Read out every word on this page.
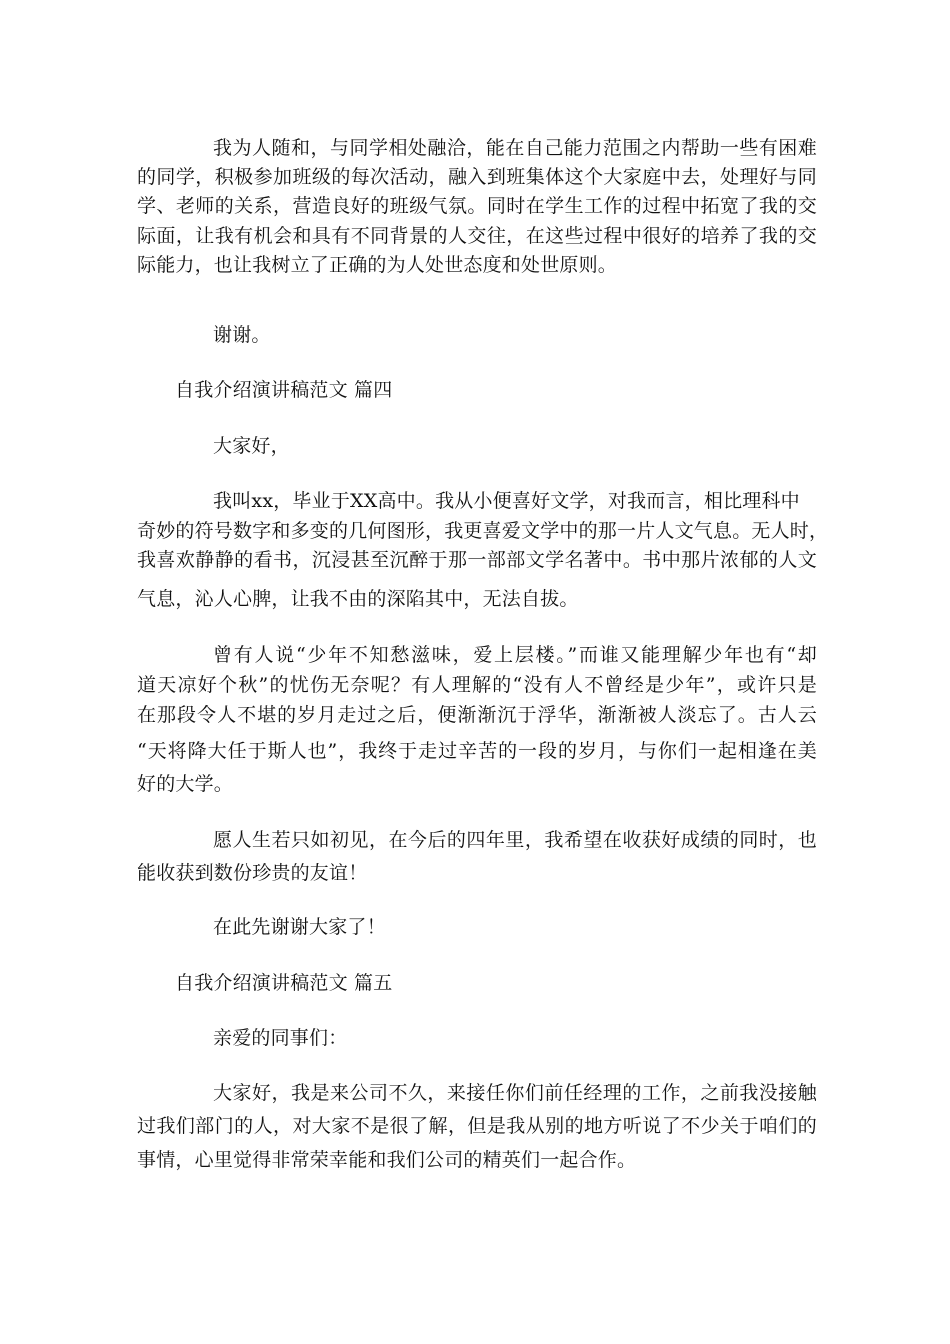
我为人随和，与同学相处融洽，能在自己能力范围之内帮助一些有困难
的同学，积极参加班级的每次活动，融入到班集体这个大家庭中去，处理好与同
学、老师的关系，营造良好的班级气氛。同时在学生工作的过程中拓宽了我的交
际面，让我有机会和具有不同背景的人交往，在这些过程中很好的培养了我的交
际能力，也让我树立了正确的为人处世态度和处世原则。
谢谢。
自我介绍演讲稿范文 篇四
大家好，
我叫xx，毕业于XX高中。我从小便喜好文学，对我而言，相比理科中
奇妙的符号数字和多变的几何图形，我更喜爱文学中的那一片人文气息。无人时，
我喜欢静静的看书，沉浸甚至沉醉于那一部部文学名著中。书中那片浓郁的人文
气息，沁人心脾，让我不由的深陷其中，无法自拔。
曾有人说“少年不知愁滋味，爱上层楼。”而谁又能理解少年也有“却
道天凉好个秋”的忧伤无奈呢？有人理解的“没有人不曾经是少年”，或许只是
在那段令人不堪的岁月走过之后，便渐渐沉于浮华，渐渐被人淡忘了。古人云
“天将降大任于斯人也”，我终于走过辛苦的一段的岁月，与你们一起相逢在美
好的大学。
愿人生若只如初见，在今后的四年里，我希望在收获好成绩的同时，也
能收获到数份珍贵的友谊！
在此先谢谢大家了！
自我介绍演讲稿范文 篇五
亲爱的同事们：
大家好，我是来公司不久，来接任你们前任经理的工作，之前我没接触
过我们部门的人，对大家不是很了解，但是我从别的地方听说了不少关于咱们的
事情，心里觉得非常荣幸能和我们公司的精英们一起合作。
